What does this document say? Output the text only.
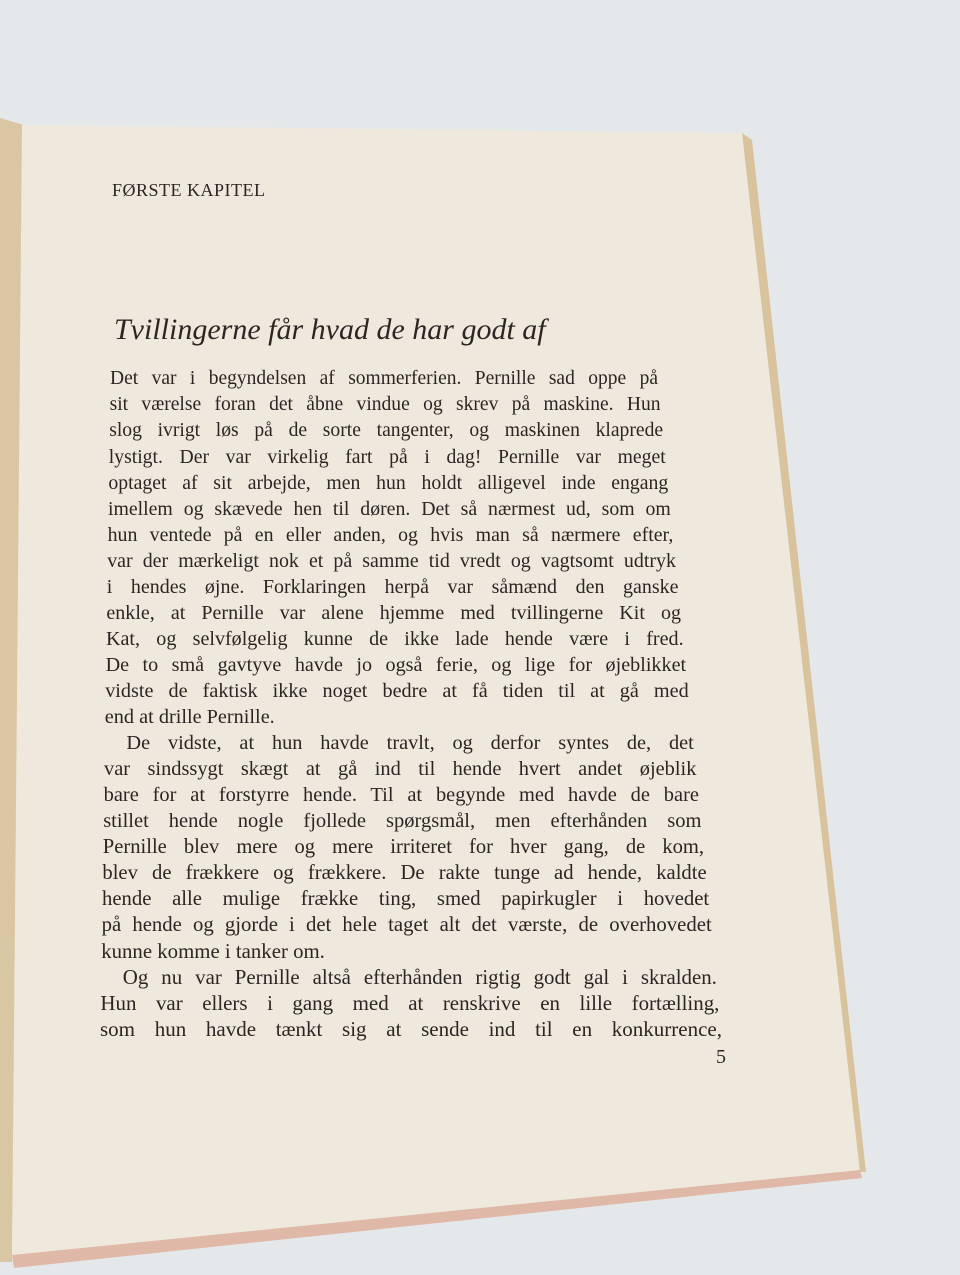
FØRSTE KAPITEL
Tvillingerne får hvad de har godt af
Det var i begyndelsen af sommerferien. Pernille sad oppe på
sit værelse foran det åbne vindue og skrev på maskine. Hun
slog ivrigt løs på de sorte tangenter, og maskinen klaprede
lystigt. Der var virkelig fart på i dag! Pernille var meget
optaget af sit arbejde, men hun holdt alligevel inde engang
imellem og skævede hen til døren. Det så nærmest ud, som om
hun ventede på en eller anden, og hvis man så nærmere efter,
var der mærkeligt nok et på samme tid vredt og vagtsomt udtryk
i hendes øjne. Forklaringen herpå var såmænd den ganske
enkle, at Pernille var alene hjemme med tvillingerne Kit og
Kat, og selvfølgelig kunne de ikke lade hende være i fred.
De to små gavtyve havde jo også ferie, og lige for øjeblikket
vidste de faktisk ikke noget bedre at få tiden til at gå med
end at drille Pernille.
De vidste, at hun havde travlt, og derfor syntes de, det
var sindssygt skægt at gå ind til hende hvert andet øjeblik
bare for at forstyrre hende. Til at begynde med havde de bare
stillet hende nogle fjollede spørgsmål, men efterhånden som
Pernille blev mere og mere irriteret for hver gang, de kom,
blev de frækkere og frækkere. De rakte tunge ad hende, kaldte
hende alle mulige frække ting, smed papirkugler i hovedet
på hende og gjorde i det hele taget alt det værste, de overhovedet
kunne komme i tanker om.
Og nu var Pernille altså efterhånden rigtig godt gal i skralden.
Hun var ellers i gang med at renskrive en lille fortælling,
som hun havde tænkt sig at sende ind til en konkurrence,
5
